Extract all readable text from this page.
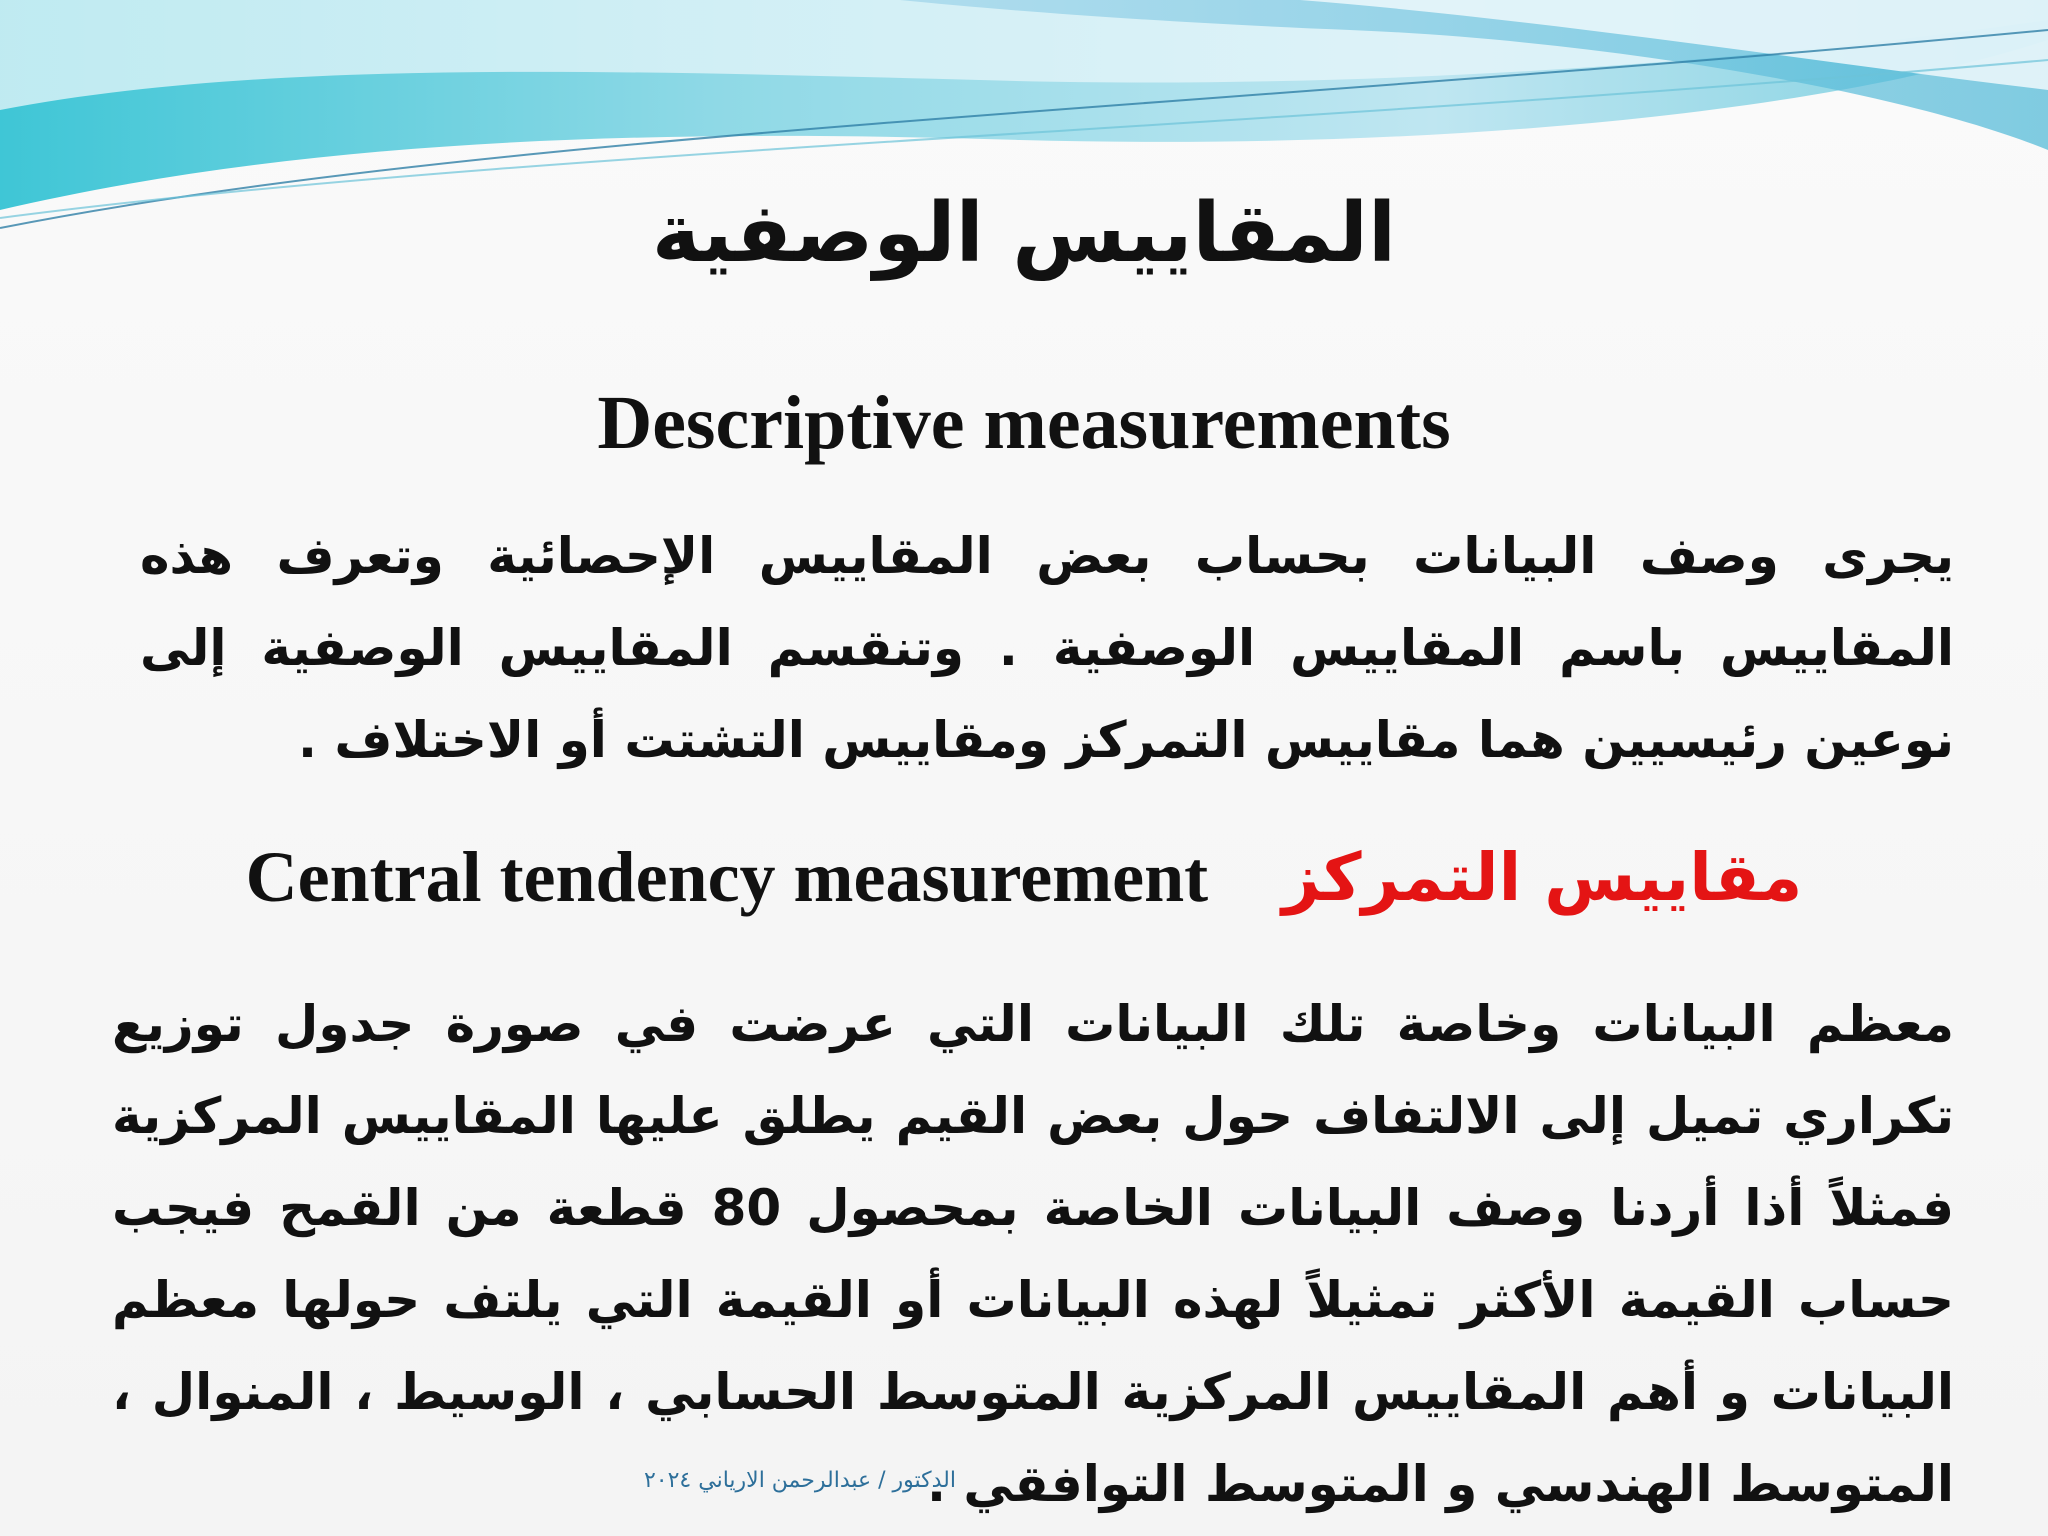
المقاييس الوصفية
Descriptive measurements

يجرى وصف البيانات بحساب بعض المقاييس الإحصائية وتعرف هذه المقاييس باسم المقاييس الوصفية . وتنقسم المقاييس الوصفية إلى نوعين رئيسيين هما مقاييس التمركز ومقاييس التشتت أو الاختلاف .

Central tendency measurement مقاييس التمركز

معظم البيانات وخاصة تلك البيانات التي عرضت في صورة جدول توزيع تكراري تميل إلى الالتفاف حول بعض القيم يطلق عليها المقاييس المركزية فمثلاً أذا أردنا وصف البيانات الخاصة بمحصول 80 قطعة من القمح فيجب حساب القيمة الأكثر تمثيلاً لهذه البيانات أو القيمة التي يلتف حولها معظم البيانات و أهم المقاييس المركزية المتوسط الحسابي ، الوسيط ، المنوال ، المتوسط الهندسي و المتوسط التوافقي .

الدكتور / عبدالرحمن الارياني ٢٠٢٤
